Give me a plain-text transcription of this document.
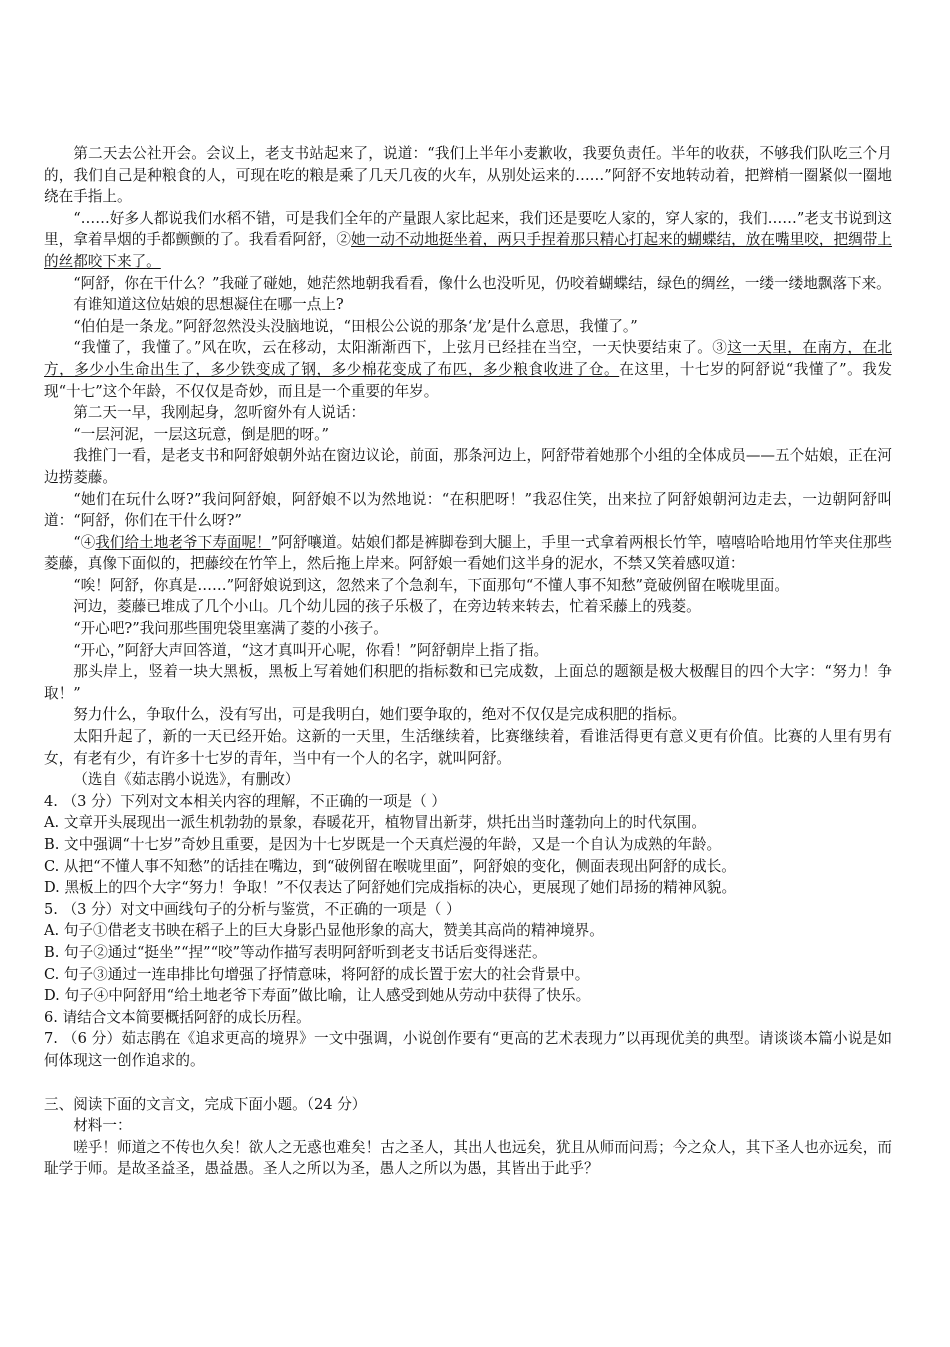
第二天去公社开会。会议上，老支书站起来了，说道：“我们上半年小麦歉收，我要负责任。半年的收获，不够我们队吃三个月的，我们自己是种粮食的人，可现在吃的粮是乘了几天几夜的火车，从别处运来的……”阿舒不安地转动着，把辫梢一圈紧似一圈地绕在手指上。

“……好多人都说我们水稻不错，可是我们全年的产量跟人家比起来，我们还是要吃人家的，穿人家的，我们……”老支书说到这里，拿着旱烟的手都颤颤的了。我看看阿舒，②她一动不动地挺坐着，两只手捏着那只精心打起来的蝴蝶结，放在嘴里咬，把绸带上的丝都咬下来了。

“阿舒，你在干什么？”我碰了碰她，她茫然地朝我看看，像什么也没听见，仍咬着蝴蝶结，绿色的绸丝，一缕一缕地飘落下来。

有谁知道这位姑娘的思想凝住在哪一点上?

“伯伯是一条龙。”阿舒忽然没头没脑地说，“田根公公说的那条‘龙’是什么意思，我懂了。”

“我懂了，我懂了。”风在吹，云在移动，太阳渐渐西下，上弦月已经挂在当空，一天快要结束了。③这一天里，在南方，在北方，多少小生命出生了，多少铁变成了钢，多少棉花变成了布匹，多少粮食收进了仓。在这里，十七岁的阿舒说“我懂了”。我发现“十七”这个年龄，不仅仅是奇妙，而且是一个重要的年岁。

第二天一早，我刚起身，忽听窗外有人说话：

“一层河泥，一层这玩意，倒是肥的呀。”

我推门一看，是老支书和阿舒娘朝外站在窗边议论，前面，那条河边上，阿舒带着她那个小组的全体成员——五个姑娘，正在河边捞菱藤。

“她们在玩什么呀?”我问阿舒娘，阿舒娘不以为然地说：“在积肥呀！”我忍住笑，出来拉了阿舒娘朝河边走去，一边朝阿舒叫道：“阿舒，你们在干什么呀?”

“④我们给土地老爷下寿面呢！”阿舒嚷道。姑娘们都是裤脚卷到大腿上，手里一式拿着两根长竹竿，嘻嘻哈哈地用竹竿夹住那些菱藤，真像下面似的，把藤绞在竹竿上，然后拖上岸来。阿舒娘一看她们这半身的泥水，不禁又笑着感叹道：

“唉！阿舒，你真是……”阿舒娘说到这，忽然来了个急刹车，下面那句“不懂人事不知愁”竟破例留在喉咙里面。

河边，菱藤已堆成了几个小山。几个幼儿园的孩子乐极了，在旁边转来转去，忙着采藤上的残菱。

“开心吧?”我问那些围兜袋里塞满了菱的小孩子。

“开心，”阿舒大声回答道，“这才真叫开心呢，你看！”阿舒朝岸上指了指。

那头岸上，竖着一块大黑板，黑板上写着她们积肥的指标数和已完成数，上面总的题额是极大极醒目的四个大字：“努力！争取！”

努力什么，争取什么，没有写出，可是我明白，她们要争取的，绝对不仅仅是完成积肥的指标。

太阳升起了，新的一天已经开始。这新的一天里，生活继续着，比赛继续着，看谁活得更有意义更有价值。比赛的人里有男有女，有老有少，有许多十七岁的青年，当中有一个人的名字，就叫阿舒。

（选自《茹志鹃小说选》，有删改）

4. （3 分）下列对文本相关内容的理解，不正确的一项是（ ）

A. 文章开头展现出一派生机勃勃的景象，春暖花开，植物冒出新芽，烘托出当时蓬勃向上的时代氛围。

B. 文中强调“十七岁”奇妙且重要，是因为十七岁既是一个天真烂漫的年龄，又是一个自认为成熟的年龄。

C. 从把“不懂人事不知愁”的话挂在嘴边，到“破例留在喉咙里面”，阿舒娘的变化，侧面表现出阿舒的成长。

D. 黑板上的四个大字“努力！争取！”不仅表达了阿舒她们完成指标的决心，更展现了她们昂扬的精神风貌。

5. （3 分）对文中画线句子的分析与鉴赏，不正确的一项是（ ）

A. 句子①借老支书映在稻子上的巨大身影凸显他形象的高大，赞美其高尚的精神境界。

B. 句子②通过“挺坐”“捏”“咬”等动作描写表明阿舒听到老支书话后变得迷茫。

C. 句子③通过一连串排比句增强了抒情意味，将阿舒的成长置于宏大的社会背景中。

D. 句子④中阿舒用“给土地老爷下寿面”做比喻，让人感受到她从劳动中获得了快乐。

6. 请结合文本简要概括阿舒的成长历程。

7. （6 分）茹志鹃在《追求更高的境界》一文中强调，小说创作要有“更高的艺术表现力”以再现优美的典型。请谈谈本篇小说是如何体现这一创作追求的。

三、阅读下面的文言文，完成下面小题。（24 分）

材料一：

嗟乎！师道之不传也久矣！欲人之无惑也难矣！古之圣人，其出人也远矣，犹且从师而问焉；今之众人，其下圣人也亦远矣，而耻学于师。是故圣益圣，愚益愚。圣人之所以为圣，愚人之所以为愚，其皆出于此乎？
